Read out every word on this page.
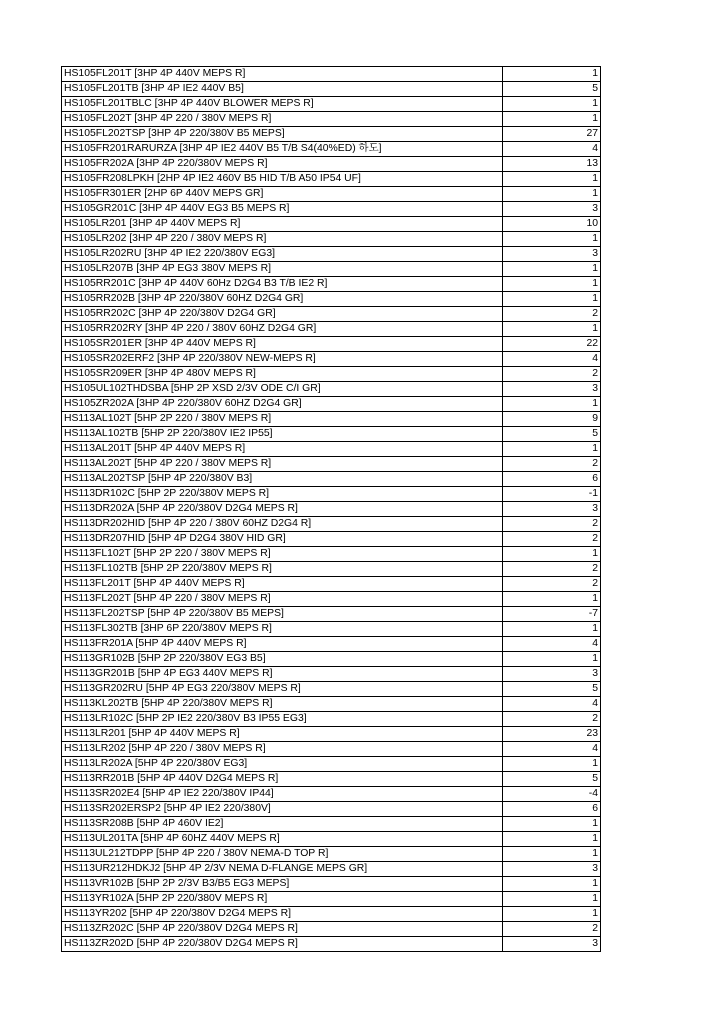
HS105FL201T [3HP 4P 440V MEPS R]	1
HS105FL201TB [3HP 4P IE2 440V B5]	5
HS105FL201TBLC [3HP 4P 440V BLOWER MEPS R]	1
HS105FL202T [3HP 4P 220 / 380V MEPS R]	1
HS105FL202TSP [3HP 4P 220/380V B5 MEPS]	27
HS105FR201RARURZA [3HP 4P IE2 440V B5 T/B S4(40%ED) 하도]	4
HS105FR202A [3HP 4P 220/380V MEPS R]	13
HS105FR208LPKH [2HP 4P IE2 460V B5 HID T/B A50 IP54 UF]	1
HS105FR301ER [2HP 6P 440V MEPS GR]	1
HS105GR201C [3HP 4P 440V EG3 B5 MEPS R]	3
HS105LR201 [3HP 4P 440V MEPS R]	10
HS105LR202 [3HP 4P 220 / 380V MEPS R]	1
HS105LR202RU [3HP 4P IE2 220/380V EG3]	3
HS105LR207B [3HP 4P EG3 380V MEPS R]	1
HS105RR201C [3HP 4P 440V 60Hz D2G4 B3 T/B IE2 R]	1
HS105RR202B [3HP 4P 220/380V 60HZ D2G4 GR]	1
HS105RR202C [3HP 4P 220/380V D2G4 GR]	2
HS105RR202RY [3HP 4P 220 / 380V 60HZ D2G4 GR]	1
HS105SR201ER [3HP 4P 440V MEPS R]	22
HS105SR202ERF2 [3HP 4P 220/380V NEW-MEPS R]	4
HS105SR209ER [3HP 4P 480V MEPS R]	2
HS105UL102THDSBA [5HP 2P XSD 2/3V ODE C/I GR]	3
HS105ZR202A [3HP 4P 220/380V 60HZ D2G4 GR]	1
HS113AL102T [5HP 2P 220 / 380V MEPS R]	9
HS113AL102TB [5HP 2P 220/380V IE2 IP55]	5
HS113AL201T [5HP 4P 440V MEPS R]	1
HS113AL202T [5HP 4P 220 / 380V MEPS R]	2
HS113AL202TSP [5HP 4P 220/380V B3]	6
HS113DR102C [5HP 2P 220/380V MEPS R]	-1
HS113DR202A [5HP 4P 220/380V D2G4 MEPS R]	3
HS113DR202HID [5HP 4P 220 / 380V 60HZ D2G4 R]	2
HS113DR207HID [5HP 4P D2G4 380V HID GR]	2
HS113FL102T [5HP 2P 220 / 380V MEPS R]	1
HS113FL102TB [5HP 2P 220/380V MEPS R]	2
HS113FL201T [5HP 4P 440V MEPS R]	2
HS113FL202T [5HP 4P 220 / 380V MEPS R]	1
HS113FL202TSP [5HP 4P 220/380V B5 MEPS]	-7
HS113FL302TB [3HP 6P 220/380V MEPS R]	1
HS113FR201A [5HP 4P 440V MEPS R]	4
HS113GR102B [5HP 2P 220/380V EG3 B5]	1
HS113GR201B [5HP 4P EG3 440V MEPS R]	3
HS113GR202RU [5HP 4P EG3 220/380V MEPS R]	5
HS113KL202TB [5HP 4P 220/380V MEPS R]	4
HS113LR102C [5HP 2P IE2 220/380V B3 IP55 EG3]	2
HS113LR201 [5HP 4P 440V MEPS R]	23
HS113LR202 [5HP 4P 220 / 380V MEPS R]	4
HS113LR202A [5HP 4P 220/380V EG3]	1
HS113RR201B [5HP 4P 440V D2G4 MEPS R]	5
HS113SR202E4 [5HP 4P IE2 220/380V IP44]	-4
HS113SR202ERSP2 [5HP 4P IE2 220/380V]	6
HS113SR208B [5HP 4P 460V IE2]	1
HS113UL201TA [5HP 4P 60HZ 440V MEPS R]	1
HS113UL212TDPP [5HP 4P 220 / 380V NEMA-D TOP R]	1
HS113UR212HDKJ2 [5HP 4P 2/3V NEMA D-FLANGE MEPS GR]	3
HS113VR102B [5HP 2P 2/3V B3/B5 EG3 MEPS]	1
HS113YR102A [5HP 2P 220/380V MEPS R]	1
HS113YR202 [5HP 4P 220/380V D2G4 MEPS R]	1
HS113ZR202C [5HP 4P 220/380V D2G4 MEPS R]	2
HS113ZR202D [5HP 4P 220/380V D2G4 MEPS R]	3
